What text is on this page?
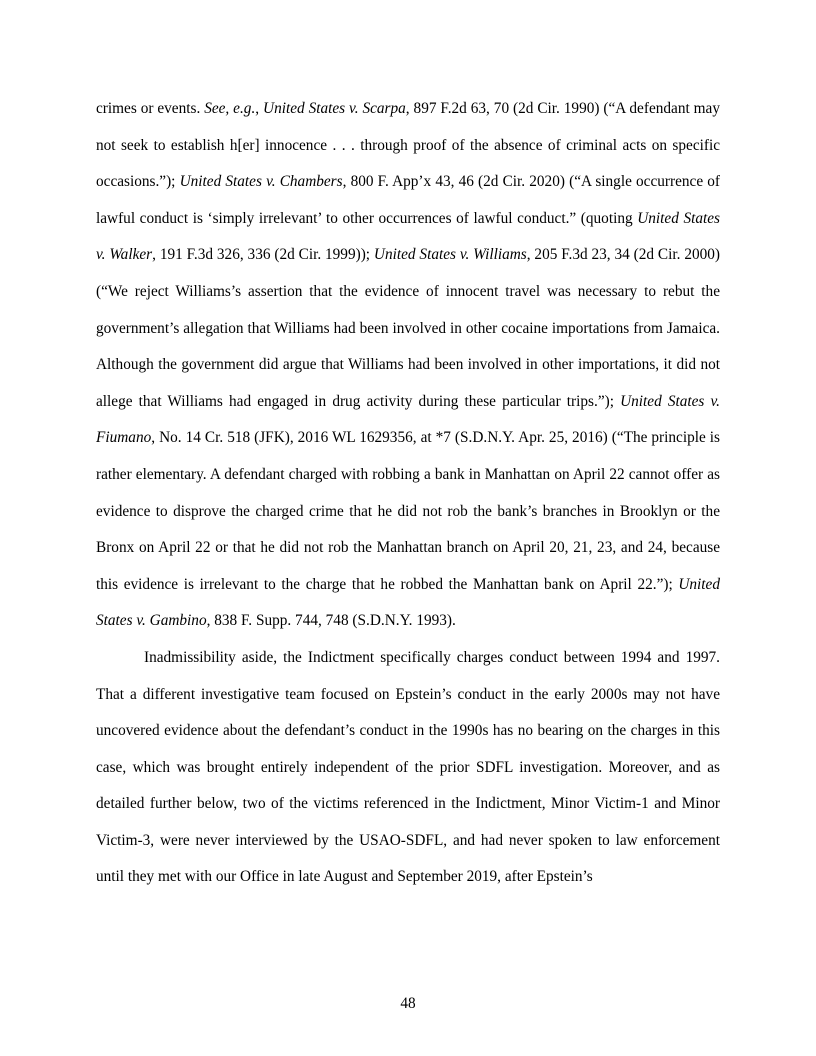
crimes or events. See, e.g., United States v. Scarpa, 897 F.2d 63, 70 (2d Cir. 1990) (“A defendant may not seek to establish h[er] innocence . . . through proof of the absence of criminal acts on specific occasions.”); United States v. Chambers, 800 F. App’x 43, 46 (2d Cir. 2020) (“A single occurrence of lawful conduct is ‘simply irrelevant’ to other occurrences of lawful conduct.” (quoting United States v. Walker, 191 F.3d 326, 336 (2d Cir. 1999)); United States v. Williams, 205 F.3d 23, 34 (2d Cir. 2000) (“We reject Williams’s assertion that the evidence of innocent travel was necessary to rebut the government’s allegation that Williams had been involved in other cocaine importations from Jamaica. Although the government did argue that Williams had been involved in other importations, it did not allege that Williams had engaged in drug activity during these particular trips.”); United States v. Fiumano, No. 14 Cr. 518 (JFK), 2016 WL 1629356, at *7 (S.D.N.Y. Apr. 25, 2016) (“The principle is rather elementary. A defendant charged with robbing a bank in Manhattan on April 22 cannot offer as evidence to disprove the charged crime that he did not rob the bank’s branches in Brooklyn or the Bronx on April 22 or that he did not rob the Manhattan branch on April 20, 21, 23, and 24, because this evidence is irrelevant to the charge that he robbed the Manhattan bank on April 22.”); United States v. Gambino, 838 F. Supp. 744, 748 (S.D.N.Y. 1993).

Inadmissibility aside, the Indictment specifically charges conduct between 1994 and 1997. That a different investigative team focused on Epstein’s conduct in the early 2000s may not have uncovered evidence about the defendant’s conduct in the 1990s has no bearing on the charges in this case, which was brought entirely independent of the prior SDFL investigation. Moreover, and as detailed further below, two of the victims referenced in the Indictment, Minor Victim-1 and Minor Victim-3, were never interviewed by the USAO-SDFL, and had never spoken to law enforcement until they met with our Office in late August and September 2019, after Epstein’s

48
